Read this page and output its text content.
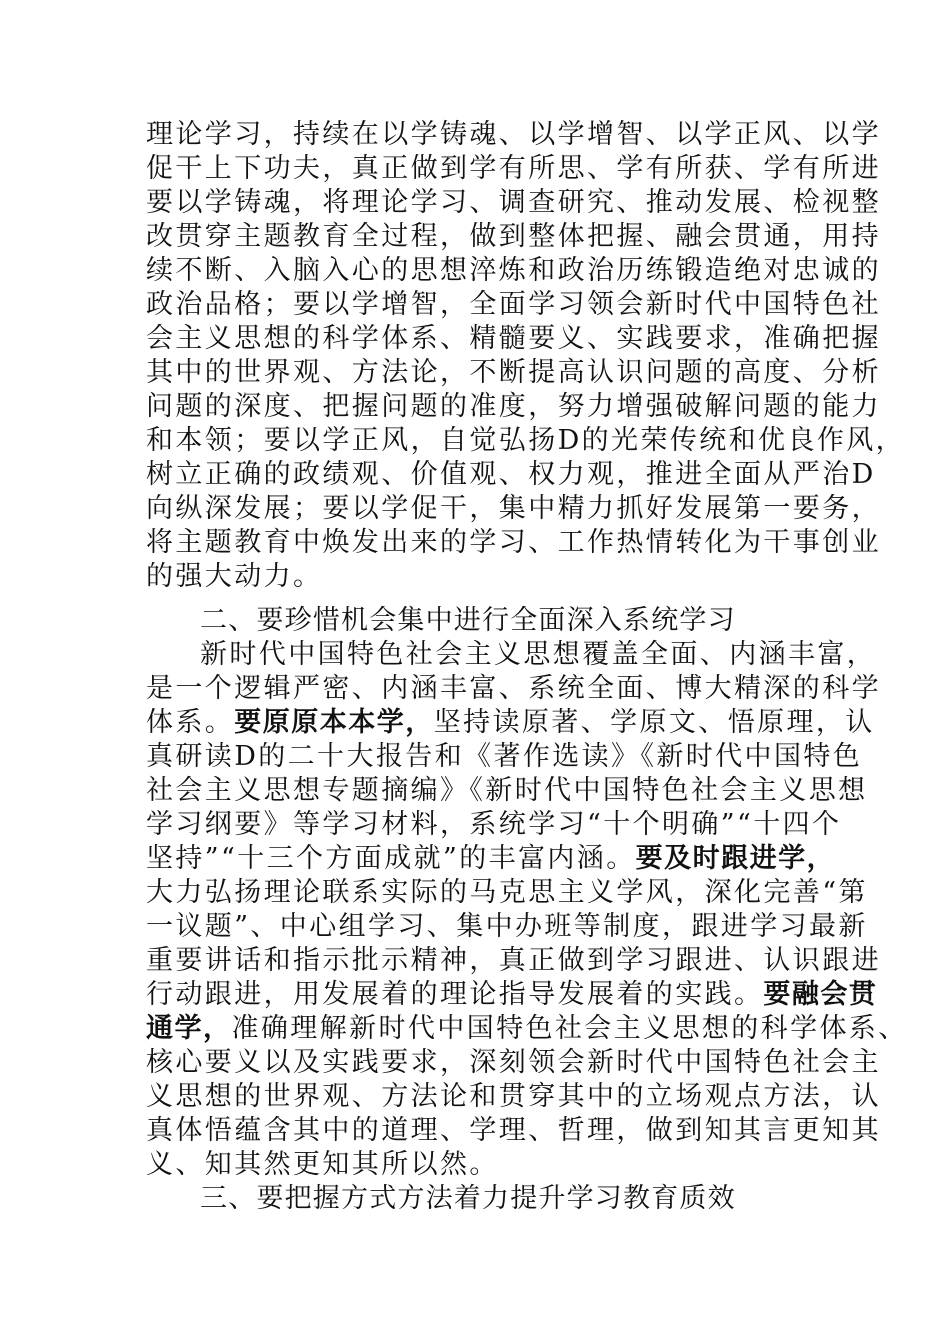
理论学习，持续在以学铸魂、以学增智、以学正风、以学
促干上下功夫，真正做到学有所思、学有所获、学有所进
要以学铸魂，将理论学习、调查研究、推动发展、检视整
改贯穿主题教育全过程，做到整体把握、融会贯通，用持
续不断、入脑入心的思想淬炼和政治历练锻造绝对忠诚的
政治品格；要以学增智，全面学习领会新时代中国特色社
会主义思想的科学体系、精髓要义、实践要求，准确把握
其中的世界观、方法论，不断提高认识问题的高度、分析
问题的深度、把握问题的准度，努力增强破解问题的能力
和本领；要以学正风，自觉弘扬D的光荣传统和优良作风，
树立正确的政绩观、价值观、权力观，推进全面从严治D
向纵深发展；要以学促干，集中精力抓好发展第一要务，
将主题教育中焕发出来的学习、工作热情转化为干事创业
的强大动力。
二、要珍惜机会集中进行全面深入系统学习
新时代中国特色社会主义思想覆盖全面、内涵丰富，
是一个逻辑严密、内涵丰富、系统全面、博大精深的科学
体系。要原原本本学，坚持读原著、学原文、悟原理，认
真研读D的二十大报告和《著作选读》《新时代中国特色
社会主义思想专题摘编》《新时代中国特色社会主义思想
学习纲要》等学习材料，系统学习“十个明确”“十四个
坚持”“十三个方面成就”的丰富内涵。要及时跟进学，
大力弘扬理论联系实际的马克思主义学风，深化完善“第
一议题”、中心组学习、集中办班等制度，跟进学习最新
重要讲话和指示批示精神，真正做到学习跟进、认识跟进
行动跟进，用发展着的理论指导发展着的实践。要融会贯
通学，准确理解新时代中国特色社会主义思想的科学体系、
核心要义以及实践要求，深刻领会新时代中国特色社会主
义思想的世界观、方法论和贯穿其中的立场观点方法，认
真体悟蕴含其中的道理、学理、哲理，做到知其言更知其
义、知其然更知其所以然。
三、要把握方式方法着力提升学习教育质效
